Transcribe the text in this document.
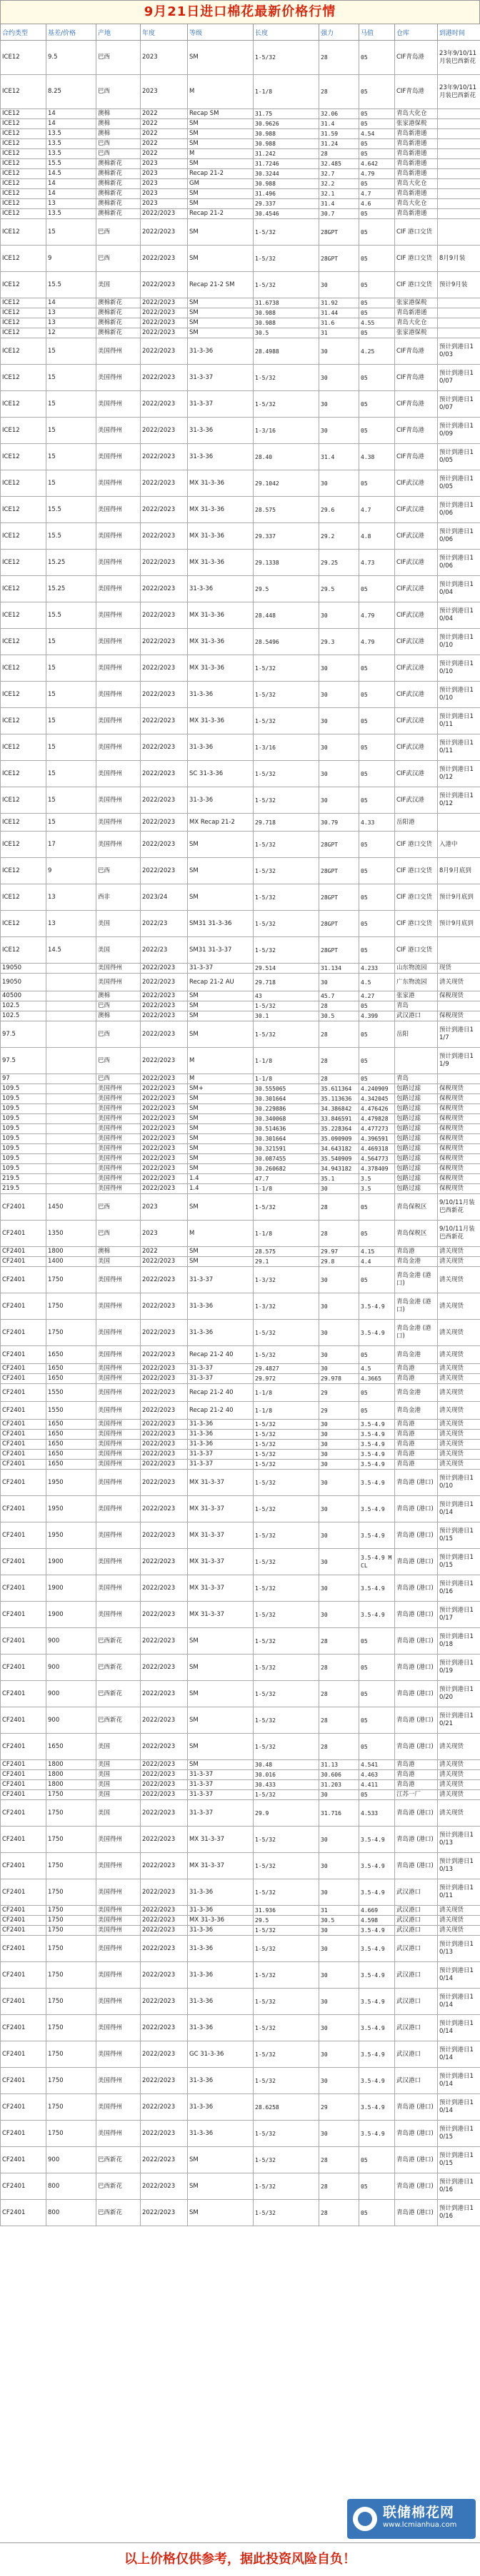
9月21日进口棉花最新价格行情
合约类型	基差/价格	产地	年度	等级	长度	强力	马值	仓库	到港时间
ICE12	9.5	巴西	2023	SM	1-5/32	28	05	CIF青岛港	23年9/10/11月装巴西新花
ICE12	8.25	巴西	2023	M	1-1/8	28	05	CIF青岛港	23年9/10/11月装巴西新花
ICE12	14	澳棉	2022	Recap SM	31.75	32.06	05	青岛大化仓	
ICE12	14	澳棉	2022	SM	30.9626	31.4	05	张家港保税	
ICE12	13.5	澳棉	2022	SM	30.988	31.59	4.54	青岛新港通	
ICE12	13.5	巴西	2022	SM	30.988	31.24	05	青岛新港通	
ICE12	13.5	巴西	2022	M	31.242	28	05	青岛新港通	
ICE12	15.5	澳棉新花	2023	SM	31.7246	32.485	4.642	青岛新港通	
ICE12	14.5	澳棉新花	2023	Recap 21-2	30.3244	32.7	4.79	青岛新港通	
ICE12	14	澳棉新花	2023	GM	30.988	32.2	05	青岛大化仓	
ICE12	14	澳棉新花	2023	SM	31.496	32.1	4.7	青岛新港通	
ICE12	13	澳棉新花	2023	SM	29.337	31.4	4.6	青岛大化仓	
ICE12	13.5	澳棉新花	2022/2023	Recap 21-2	30.4546	30.7	05	青岛新港通	
ICE12	15	巴西	2022/2023	SM	1-5/32	28GPT	05	CIF 港口交货	
ICE12	9	巴西	2022/2023	SM	1-5/32	28GPT	05	CIF 港口交货	8月9月装
ICE12	15.5	美国	2022/2023	Recap 21-2 SM	1-5/32	30	05	CIF 港口交货	预计9月装
ICE12	14	澳棉新花	2022/2023	SM	31.6738	31.92	05	张家港保税	
ICE12	13	澳棉新花	2022/2023	SM	30.988	31.44	05	青岛新港通	
ICE12	13	澳棉新花	2022/2023	SM	30.988	31.6	4.55	青岛大化仓	
ICE12	12	澳棉新花	2022/2023	SM	30.5	31	05	张家港保税	
ICE12	15	美国得州	2022/2023	31-3-36	28.4988	30	4.25	CIF青岛港	预计到港日10/03
ICE12	15	美国得州	2022/2023	31-3-37	1-5/32	30	05	CIF青岛港	预计到港日10/07
ICE12	15	美国得州	2022/2023	31-3-37	1-5/32	30	05	CIF青岛港	预计到港日10/07
ICE12	15	美国得州	2022/2023	31-3-36	1-3/16	30	05	CIF青岛港	预计到港日10/09
ICE12	15	美国得州	2022/2023	31-3-36	28.40	31.4	4.38	CIF青岛港	预计到港日10/05
ICE12	15	美国得州	2022/2023	MX 31-3-36	29.1042	30	05	CIF武汉港	预计到港日10/05
ICE12	15.5	美国得州	2022/2023	MX 31-3-36	28.575	29.6	4.7	CIF武汉港	预计到港日10/06
ICE12	15.5	美国得州	2022/2023	MX 31-3-36	29.337	29.2	4.8	CIF武汉港	预计到港日10/06
ICE12	15.25	美国得州	2022/2023	MX 31-3-36	29.1338	29.25	4.73	CIF武汉港	预计到港日10/06
ICE12	15.25	美国得州	2022/2023	31-3-36	29.5	29.5	05	CIF武汉港	预计到港日10/04
ICE12	15.5	美国得州	2022/2023	MX 31-3-36	28.448	30	4.79	CIF武汉港	预计到港日10/04
ICE12	15	美国得州	2022/2023	MX 31-3-36	28.5496	29.3	4.79	CIF武汉港	预计到港日10/10
ICE12	15	美国得州	2022/2023	MX 31-3-36	1-5/32	30	05	CIF武汉港	预计到港日10/10
ICE12	15	美国得州	2022/2023	31-3-36	1-5/32	30	05	CIF武汉港	预计到港日10/10
ICE12	15	美国得州	2022/2023	MX 31-3-36	1-5/32	30	05	CIF武汉港	预计到港日10/11
ICE12	15	美国得州	2022/2023	31-3-36	1-3/16	30	05	CIF武汉港	预计到港日10/11
ICE12	15	美国得州	2022/2023	SC 31-3-36	1-5/32	30	05	CIF武汉港	预计到港日10/12
ICE12	15	美国得州	2022/2023	31-3-36	1-5/32	30	05	CIF武汉港	预计到港日10/12
ICE12	15	美国得州	2022/2023	MX Recap 21-2	29.718	30.79	4.33	岳阳港	
ICE12	17	美国得州	2022/2023	SM	1-5/32	28GPT	05	CIF 港口交货	入港中
ICE12	9	巴西	2022/2023	SM	1-5/32	28GPT	05	CIF 港口交货	8月9月底到
ICE12	13	西非	2023/24	SM	1-5/32	28GPT	05	CIF 港口交货	预计9月底到
ICE12	13	美国	2022/23	SM31 31-3-36	1-5/32	28GPT	05	CIF 港口交货	预计9月底到
ICE12	14.5	美国	2022/23	SM31 31-3-37	1-5/32	28GPT	05	CIF 港口交货	
19050		美国得州	2022/2023	31-3-37	29.514	31.134	4.233	山东物流园	现货
19050		美国得州	2022/2023	Recap 21-2 AU	29.718	30	4.5	广东物流园	清关现货
40500		澳棉	2022/2023	SM	43	45.7	4.27	张家港	保税现货
102.5		巴西	2022/2023	SM	1-5/32	28	05	青岛	
102.5		澳棉	2022/2023	SM	30.1	30.5	4.399	武汉港口	保税现货
97.5		巴西	2022/2023	SM	1-5/32	28	05	岳阳	预计到港日11/7
97.5		巴西	2022/2023	M	1-1/8	28	05		预计到港日11/9
97		巴西	2022/2023	M	1-1/8	28	05	青岛	
109.5		美国得州	2022/2023	SM+	30.555065	35.611364	4.240909	包路过滤	保税现货
109.5		美国得州	2022/2023	SM	30.301664	35.113636	4.342045	包路过滤	保税现货
109.5		美国得州	2022/2023	SM	30.229886	34.386842	4.476426	包路过滤	保税现货
109.5		美国得州	2022/2023	SM	30.340068	33.846591	4.479828	包路过滤	保税现货
109.5		美国得州	2022/2023	SM	30.514636	35.228364	4.477273	包路过滤	保税现货
109.5		美国得州	2022/2023	SM	30.301664	35.090909	4.396591	包路过滤	保税现货
109.5		美国得州	2022/2023	SM	30.321591	34.643182	4.469318	包路过滤	保税现货
109.5		美国得州	2022/2023	SM	30.087455	35.540909	4.564773	包路过滤	保税现货
109.5		美国得州	2022/2023	SM	30.260682	34.943182	4.378409	包路过滤	保税现货
219.5		美国得州	2022/2023	1.4	47.7	35.1	3.5	包路过滤	保税现货
219.5		美国得州	2022/2023	1.4	1-1/8	30	3.5	包路过滤	保税现货
CF2401	1450	巴西	2023	SM	1-5/32	28	05	青岛保税区	9/10/11月装巴西新花
CF2401	1350	巴西	2023	M	1-1/8	28	05	青岛保税区	9/10/11月装巴西新花
CF2401	1800	澳棉	2022	SM	28.575	29.97	4.15	青岛港	清关现货
CF2401	1400	美国	2022/2023	SM	29.1	29.8	4.4	青岛金港	清关现货
CF2401	1750	美国得州	2022/2023	31-3-37	1-3/32	30	05	青岛金港 (港口)	清关现货
CF2401	1750	美国得州	2022/2023	31-3-36	1-3/32	30	3.5-4.9	青岛金港 (港口)	清关现货
CF2401	1750	美国得州	2022/2023	31-3-36	1-5/32	30	3.5-4.9	青岛金港 (港口)	清关现货
CF2401	1650	美国得州	2022/2023	Recap 21-2 40	1-5/32	30	05	青岛金港	清关现货
CF2401	1650	美国得州	2022/2023	31-3-37	29.4827	30	4.5	青岛港	清关现货
CF2401	1650	美国得州	2022/2023	31-3-37	29.972	29.978	4.3665	青岛港	清关现货
CF2401	1550	美国得州	2022/2023	Recap 21-2 40	1-1/8	29	05	青岛金港	清关现货
CF2401	1550	美国得州	2022/2023	Recap 21-2 40	1-1/8	29	05	青岛金港	清关现货
CF2401	1650	美国得州	2022/2023	31-3-36	1-5/32	30	3.5-4.9	青岛港	清关现货
CF2401	1650	美国得州	2022/2023	31-3-36	1-5/32	30	3.5-4.9	青岛港	清关现货
CF2401	1650	美国得州	2022/2023	31-3-36	1-5/32	30	3.5-4.9	青岛港	清关现货
CF2401	1650	美国得州	2022/2023	31-3-37	1-5/32	30	3.5-4.9	青岛港	清关现货
CF2401	1650	美国得州	2022/2023	31-3-37	1-5/32	30	3.5-4.9	青岛港	清关现货
CF2401	1950	美国得州	2022/2023	MX 31-3-37	1-5/32	30	3.5-4.9	青岛港 (港口)	预计到港日10/10
CF2401	1950	美国得州	2022/2023	MX 31-3-37	1-5/32	30	3.5-4.9	青岛港 (港口)	预计到港日10/14
CF2401	1950	美国得州	2022/2023	MX 31-3-37	1-5/32	30	3.5-4.9	青岛港 (港口)	预计到港日10/15
CF2401	1900	美国得州	2022/2023	MX 31-3-37	1-5/32	30	3.5-4.9 MCL	青岛港 (港口)	预计到港日10/15
CF2401	1900	美国得州	2022/2023	MX 31-3-37	1-5/32	30	3.5-4.9	青岛港 (港口)	预计到港日10/16
CF2401	1900	美国得州	2022/2023	MX 31-3-37	1-5/32	30	3.5-4.9	青岛港 (港口)	预计到港日10/17
CF2401	900	巴西新花	2022/2023	SM	1-5/32	28	05	青岛港 (港口)	预计到港日10/18
CF2401	900	巴西新花	2022/2023	SM	1-5/32	28	05	青岛港 (港口)	预计到港日10/19
CF2401	900	巴西新花	2022/2023	SM	1-5/32	28	05	青岛港 (港口)	预计到港日10/20
CF2401	900	巴西新花	2022/2023	SM	1-5/32	28	05	青岛港 (港口)	预计到港日10/21
CF2401	1650	美国	2022/2023	SM	1-5/32	28	05	青岛港 (港口)	清关现货
CF2401	1800	美国	2022/2023	SM	30.48	31.13	4.541	青岛港	清关现货
CF2401	1800	美国	2022/2023	31-3-37	30.016	30.606	4.463	青岛港	清关现货
CF2401	1800	美国	2022/2023	31-3-37	30.433	31.203	4.411	青岛港	清关现货
CF2401	1750	美国	2022/2023	31-3-37	1-5/32	30	05	江苏一厂	清关现货
CF2401	1750	美国	2022/2023	31-3-37	29.9	31.716	4.533	青岛港 (港口)	清关现货
CF2401	1750	美国得州	2022/2023	MX 31-3-37	1-5/32	30	3.5-4.9	青岛港 (港口)	预计到港日10/13
CF2401	1750	美国得州	2022/2023	MX 31-3-37	1-5/32	30	3.5-4.9	青岛港 (港口)	预计到港日10/13
CF2401	1750	美国得州	2022/2023	31-3-36	1-5/32	30	3.5-4.9	武汉港口	预计到港日10/11
CF2401	1750	美国得州	2022/2023	31-3-36	31.936	31	4.669	武汉港口	清关现货
CF2401	1750	美国得州	2022/2023	MX 31-3-36	29.5	30.5	4.598	武汉港口	清关现货
CF2401	1750	美国得州	2022/2023	31-3-36	1-5/32	30	3.5-4.9	武汉港口	清关现货
CF2401	1750	美国得州	2022/2023	31-3-36	1-5/32	30	3.5-4.9	武汉港口	预计到港日10/13
CF2401	1750	美国得州	2022/2023	31-3-36	1-5/32	30	3.5-4.9	武汉港口	预计到港日10/14
CF2401	1750	美国得州	2022/2023	31-3-36	1-5/32	30	3.5-4.9	武汉港口	预计到港日10/14
CF2401	1750	美国得州	2022/2023	31-3-36	1-5/32	30	3.5-4.9	武汉港口	预计到港日10/14
CF2401	1750	美国得州	2022/2023	GC 31-3-36	1-5/32	30	3.5-4.9	武汉港口	预计到港日10/14
CF2401	1750	美国得州	2022/2023	31-3-36	1-5/32	30	3.5-4.9	武汉港口	预计到港日10/14
CF2401	1750	美国得州	2022/2023	31-3-36	28.6258	29	3.5-4.9	青岛港 (港口)	预计到港日10/14
CF2401	1750	美国得州	2022/2023	31-3-36	1-5/32	30	3.5-4.9	青岛港 (港口)	预计到港日10/15
CF2401	900	巴西新花	2022/2023	SM	1-5/32	28	05	青岛港 (港口)	预计到港日10/15
CF2401	800	巴西新花	2022/2023	SM	1-5/32	28	05	青岛港 (港口)	预计到港日10/16
CF2401	800	巴西新花	2022/2023	SM	1-5/32	28	05	青岛港 (港口)	预计到港日10/16
联储棉花网
www.lcmianhua.com
以上价格仅供参考，据此投资风险自负！
